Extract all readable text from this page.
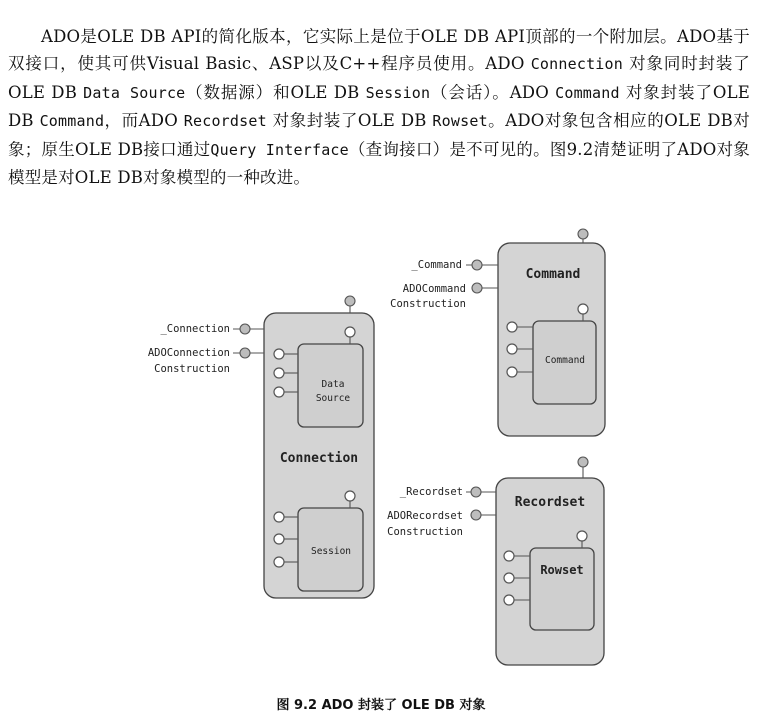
ADO是OLE DB API的简化版本，它实际上是位于OLE DB API顶部的一个附加层。ADO基于双接口，使其可供Visual Basic、ASP以及C++程序员使用。ADO Connection 对象同时封装了OLE DB Data Source（数据源）和OLE DB Session（会话）。ADO Command 对象封装了OLE DB Command，而ADO Recordset 对象封装了OLE DB Rowset。ADO对象包含相应的OLE DB对象；原生OLE DB接口通过Query Interface（查询接口）是不可见的。图9.2清楚证明了ADO对象模型是对OLE DB对象模型的一种改进。

_Connection
ADOConnection
Construction
Data
Source
Connection
Session
_Command
ADOCommand
Construction
Command
Command
_Recordset
ADORecordset
Construction
Recordset
Rowset
图 9.2 ADO 封装了 OLE DB 对象
